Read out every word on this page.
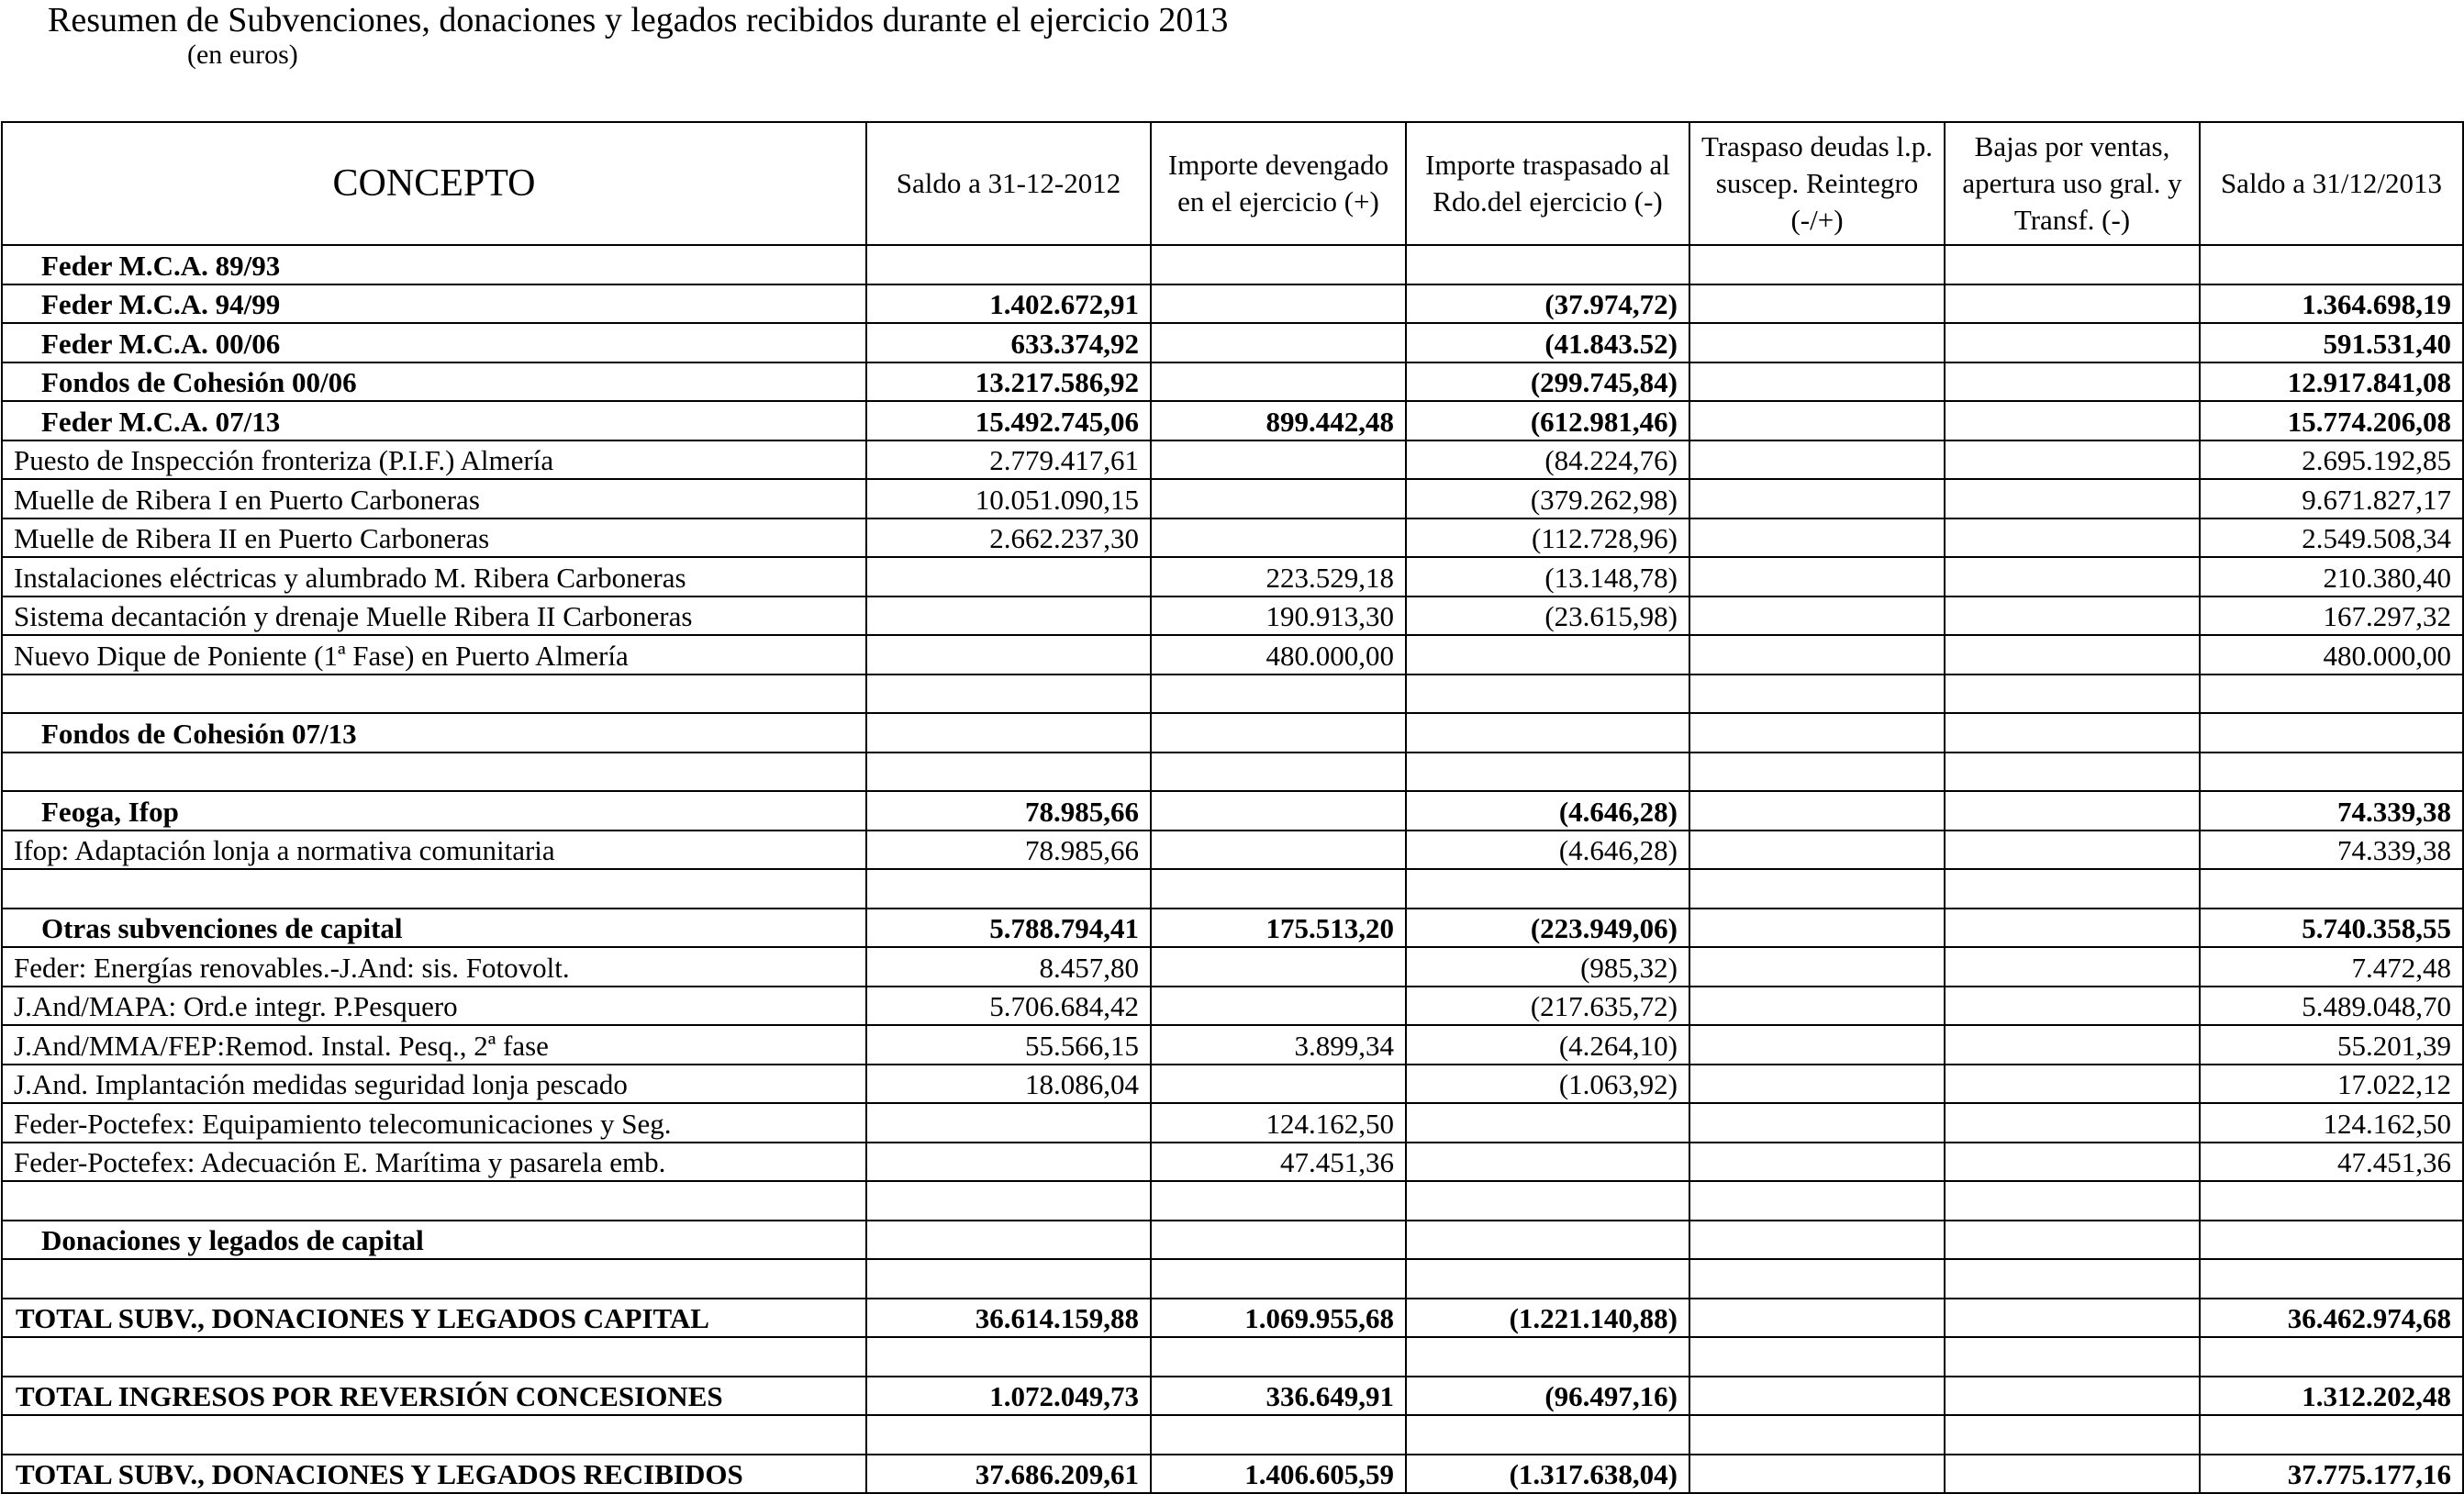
Resumen de Subvenciones, donaciones y legados recibidos durante el ejercicio 2013
(en euros)
CONCEPTO	Saldo a 31-12-2012	Importe devengado en el ejercicio (+)	Importe traspasado al Rdo.del ejercicio (-)	Traspaso deudas l.p. suscep. Reintegro (-/+)	Bajas por ventas, apertura uso gral. y Transf. (-)	Saldo a 31/12/2013
Feder M.C.A. 89/93						
Feder M.C.A. 94/99	1.402.672,91		(37.974,72)			1.364.698,19
Feder M.C.A. 00/06	633.374,92		(41.843.52)			591.531,40
Fondos de Cohesión 00/06	13.217.586,92		(299.745,84)			12.917.841,08
Feder M.C.A. 07/13	15.492.745,06	899.442,48	(612.981,46)			15.774.206,08
Puesto de Inspección fronteriza (P.I.F.) Almería	2.779.417,61		(84.224,76)			2.695.192,85
Muelle de Ribera I en Puerto Carboneras	10.051.090,15		(379.262,98)			9.671.827,17
Muelle de Ribera II en Puerto Carboneras	2.662.237,30		(112.728,96)			2.549.508,34
Instalaciones eléctricas y alumbrado M. Ribera Carboneras		223.529,18	(13.148,78)			210.380,40
Sistema decantación y drenaje Muelle Ribera II Carboneras		190.913,30	(23.615,98)			167.297,32
Nuevo Dique de Poniente (1ª Fase) en Puerto Almería		480.000,00				480.000,00

Fondos de Cohesión 07/13						

Feoga, Ifop	78.985,66		(4.646,28)			74.339,38
Ifop: Adaptación lonja a normativa comunitaria	78.985,66		(4.646,28)			74.339,38

Otras subvenciones de capital	5.788.794,41	175.513,20	(223.949,06)			5.740.358,55
Feder: Energías renovables.-J.And: sis. Fotovolt.	8.457,80		(985,32)			7.472,48
J.And/MAPA: Ord.e integr. P.Pesquero	5.706.684,42		(217.635,72)			5.489.048,70
J.And/MMA/FEP:Remod. Instal. Pesq., 2ª fase	55.566,15	3.899,34	(4.264,10)			55.201,39
J.And. Implantación medidas seguridad lonja pescado	18.086,04		(1.063,92)			17.022,12
Feder-Poctefex: Equipamiento telecomunicaciones y Seg.		124.162,50				124.162,50
Feder-Poctefex: Adecuación E. Marítima y pasarela emb.		47.451,36				47.451,36

Donaciones y legados de capital						

TOTAL SUBV., DONACIONES Y LEGADOS CAPITAL	36.614.159,88	1.069.955,68	(1.221.140,88)			36.462.974,68

TOTAL INGRESOS POR REVERSIÓN CONCESIONES	1.072.049,73	336.649,91	(96.497,16)			1.312.202,48

TOTAL SUBV., DONACIONES Y LEGADOS RECIBIDOS	37.686.209,61	1.406.605,59	(1.317.638,04)			37.775.177,16
